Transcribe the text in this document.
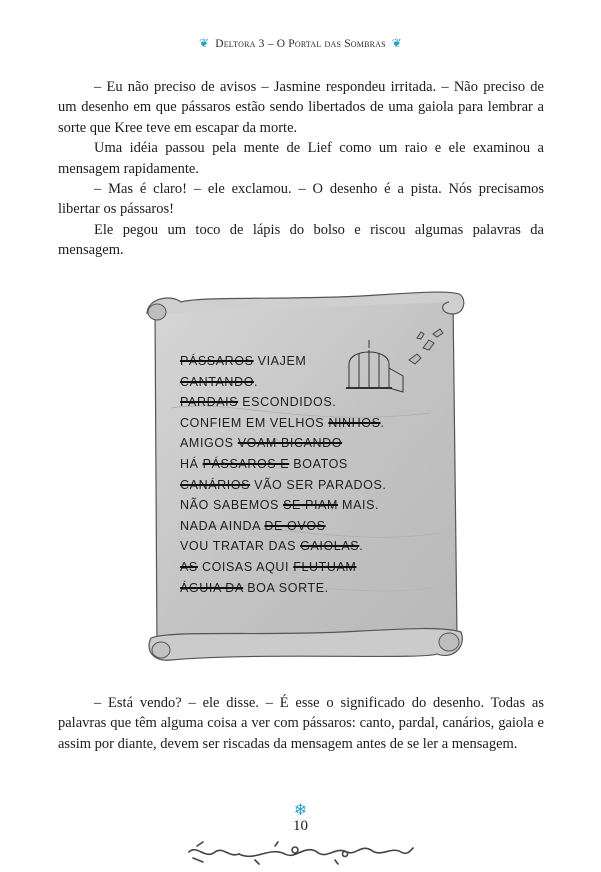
❦ Deltora 3 – O Portal das Sombras ❦

– Eu não preciso de avisos – Jasmine respondeu irritada. – Não preciso de um desenho em que pássaros estão sendo libertados de uma gaiola para lembrar a sorte que Kree teve em escapar da morte.

Uma idéia passou pela mente de Lief como um raio e ele examinou a mensagem rapidamente.

– Mas é claro! – ele exclamou. – O desenho é a pista. Nós precisamos libertar os pássaros!

Ele pegou um toco de lápis do bolso e riscou algumas palavras da mensagem.

PÁSSAROS VIAJEM
CANTANDO.
PARDAIS ESCONDIDOS.
CONFIEM EM VELHOS NINHOS.
AMIGOS VOAM BICANDO
HÁ PÁSSAROS E BOATOS
CANÁRIOS VÃO SER PARADOS.
NÃO SABEMOS SE PIAM MAIS.
NADA AINDA DE OVOS
VOU TRATAR DAS GAIOLAS.
AS COISAS AQUI FLUTUAM
ÁGUIA DA BOA SORTE.

– Está vendo? – ele disse. – É esse o significado do desenho. Todas as palavras que têm alguma coisa a ver com pássaros: canto, pardal, canários, gaiola e assim por diante, devem ser riscadas da mensagem antes de se ler a mensagem.

❄
10
